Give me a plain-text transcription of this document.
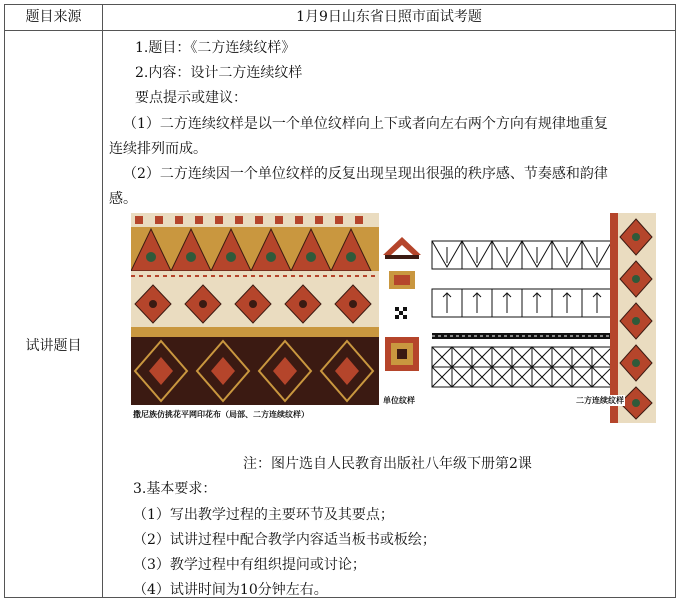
题目来源	1月9日山东省日照市面试考题
试讲题目
1.题目：《二方连续纹样》
2.内容：设计二方连续纹样
要点提示或建议：
（1）二方连续纹样是以一个单位纹样向上下或者向左右两个方向有规律地重复
连续排列而成。
（2）二方连续因一个单位纹样的反复出现呈现出很强的秩序感、节奏感和韵律
感。
撒尼族仿挑花平网印花布（局部、二方连续纹样）
单位纹样	二方连续纹样
注：图片选自人民教育出版社八年级下册第2课
3.基本要求：
（1）写出教学过程的主要环节及其要点；
（2）试讲过程中配合教学内容适当板书或板绘；
（3）教学过程中有组织提问或讨论；
（4）试讲时间为10分钟左右。
